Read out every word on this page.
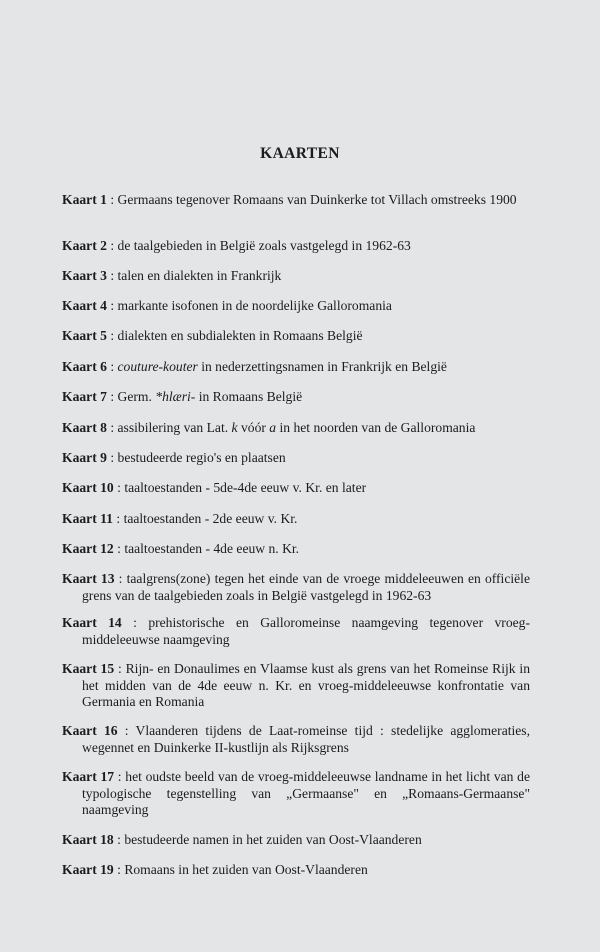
KAARTEN
Kaart 1 : Germaans tegenover Romaans van Duinkerke tot Villach omstreeks 1900
Kaart 2 : de taalgebieden in België zoals vastgelegd in 1962-63
Kaart 3 : talen en dialekten in Frankrijk
Kaart 4 : markante isofonen in de noordelijke Galloromania
Kaart 5 : dialekten en subdialekten in Romaans België
Kaart 6 : couture-kouter in nederzettingsnamen in Frankrijk en België
Kaart 7 : Germ. *hlæri- in Romaans België
Kaart 8 : assibilering van Lat. k vóór a in het noorden van de Galloromania
Kaart 9 : bestudeerde regio's en plaatsen
Kaart 10 : taaltoestanden - 5de-4de eeuw v. Kr. en later
Kaart 11 : taaltoestanden - 2de eeuw v. Kr.
Kaart 12 : taaltoestanden - 4de eeuw n. Kr.
Kaart 13 : taalgrens(zone) tegen het einde van de vroege middeleeuwen en officiële grens van de taalgebieden zoals in België vastgelegd in 1962-63
Kaart 14 : prehistorische en Galloromeinse naamgeving tegenover vroeg-middeleeuwse naamgeving
Kaart 15 : Rijn- en Donaulimes en Vlaamse kust als grens van het Romeinse Rijk in het midden van de 4de eeuw n. Kr. en vroeg-middeleeuwse konfrontatie van Germania en Romania
Kaart 16 : Vlaanderen tijdens de Laat-romeinse tijd : stedelijke agglomeraties, wegennet en Duinkerke II-kustlijn als Rijksgrens
Kaart 17 : het oudste beeld van de vroeg-middeleeuwse landname in het licht van de typologische tegenstelling van „Germaanse" en „Romaans-Germaanse" naamgeving
Kaart 18 : bestudeerde namen in het zuiden van Oost-Vlaanderen
Kaart 19 : Romaans in het zuiden van Oost-Vlaanderen
